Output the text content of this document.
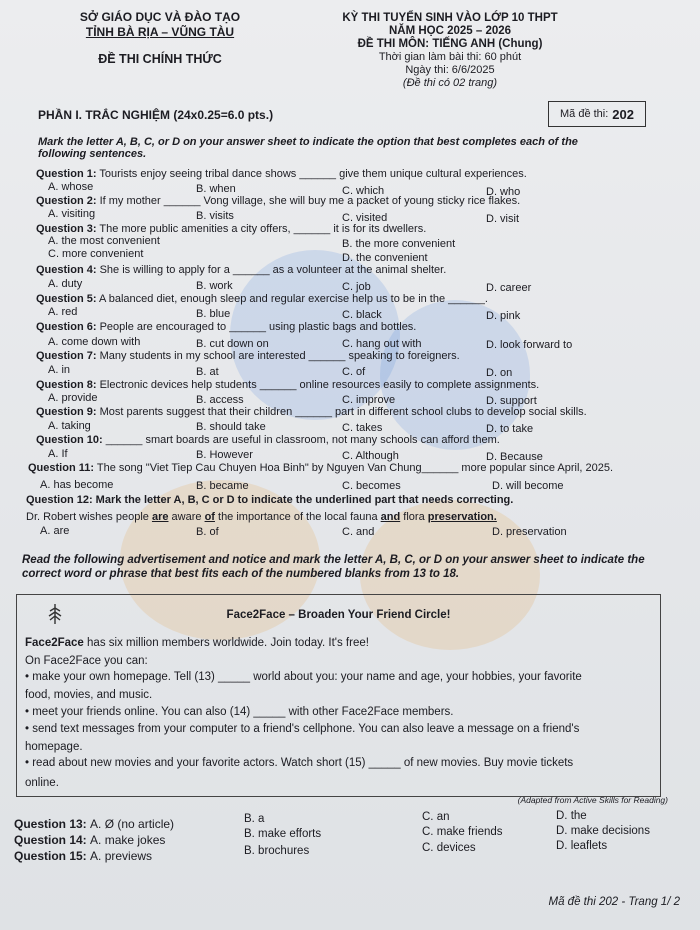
SỞ GIÁO DỤC VÀ ĐÀO TẠO
TỈNH BÀ RỊA – VŨNG TÀU
ĐỀ THI CHÍNH THỨC
KỲ THI TUYỂN SINH VÀO LỚP 10 THPT
NĂM HỌC 2025 – 2026
ĐỀ THI MÔN: TIẾNG ANH (Chung)
Thời gian làm bài thi: 60 phút
Ngày thi: 6/6/2025
(Đề thi có 02 trang)
PHẦN I. TRẮC NGHIỆM (24x0.25=6.0 pts.)	Mã đề thi: 202
Mark the letter A, B, C, or D on your answer sheet to indicate the option that best completes each of the
following sentences.
Question 1: Tourists enjoy seeing tribal dance shows ______ give them unique cultural experiences.
A. whose	B. when	C. which	D. who
Question 2: If my mother ______ Vong village, she will buy me a packet of young sticky rice flakes.
A. visiting	B. visits	C. visited	D. visit
Question 3: The more public amenities a city offers, ______ it is for its dwellers.
A. the most convenient	B. the more convenient
C. more convenient	D. the convenient
Question 4: She is willing to apply for a ______ as a volunteer at the animal shelter.
A. duty	B. work	C. job	D. career
Question 5: A balanced diet, enough sleep and regular exercise help us to be in the ______.
A. red	B. blue	C. black	D. pink
Question 6: People are encouraged to ______ using plastic bags and bottles.
A. come down with	B. cut down on	C. hang out with	D. look forward to
Question 7: Many students in my school are interested ______ speaking to foreigners.
A. in	B. at	C. of	D. on
Question 8: Electronic devices help students ______ online resources easily to complete assignments.
A. provide	B. access	C. improve	D. support
Question 9: Most parents suggest that their children ______ part in different school clubs to develop social skills.
A. taking	B. should take	C. takes	D. to take
Question 10: ______ smart boards are useful in classroom, not many schools can afford them.
A. If	B. However	C. Although	D. Because
Question 11: The song "Viet Tiep Cau Chuyen Hoa Binh" by Nguyen Van Chung______ more popular since April, 2025.
A. has become	B. became	C. becomes	D. will become
Question 12: Mark the letter A, B, C or D to indicate the underlined part that needs correcting.
Dr. Robert wishes people are aware of the importance of the local fauna and flora preservation.
A. are	B. of	C. and	D. preservation
Read the following advertisement and notice and mark the letter A, B, C, or D on your answer sheet to indicate the correct word or phrase that best fits each of the numbered blanks from 13 to 18.
Face2Face – Broaden Your Friend Circle!
Face2Face has six million members worldwide. Join today. It's free!
On Face2Face you can:
• make your own homepage. Tell (13) _____ world about you: your name and age, your hobbies, your favorite
food, movies, and music.
• meet your friends online. You can also (14) _____ with other Face2Face members.
• send text messages from your computer to a friend's cellphone. You can also leave a message on a friend's
homepage.
• read about new movies and your favorite actors. Watch short (15) _____ of new movies. Buy movie tickets
online.
(Adapted from Active Skills for Reading)
Question 13: A. Ø (no article)	B. a	C. an	D. the
Question 14: A. make jokes	B. make efforts	C. make friends	D. make decisions
Question 15: A. previews	B. brochures	C. devices	D. leaflets
Mã đề thi 202 - Trang 1/ 2
